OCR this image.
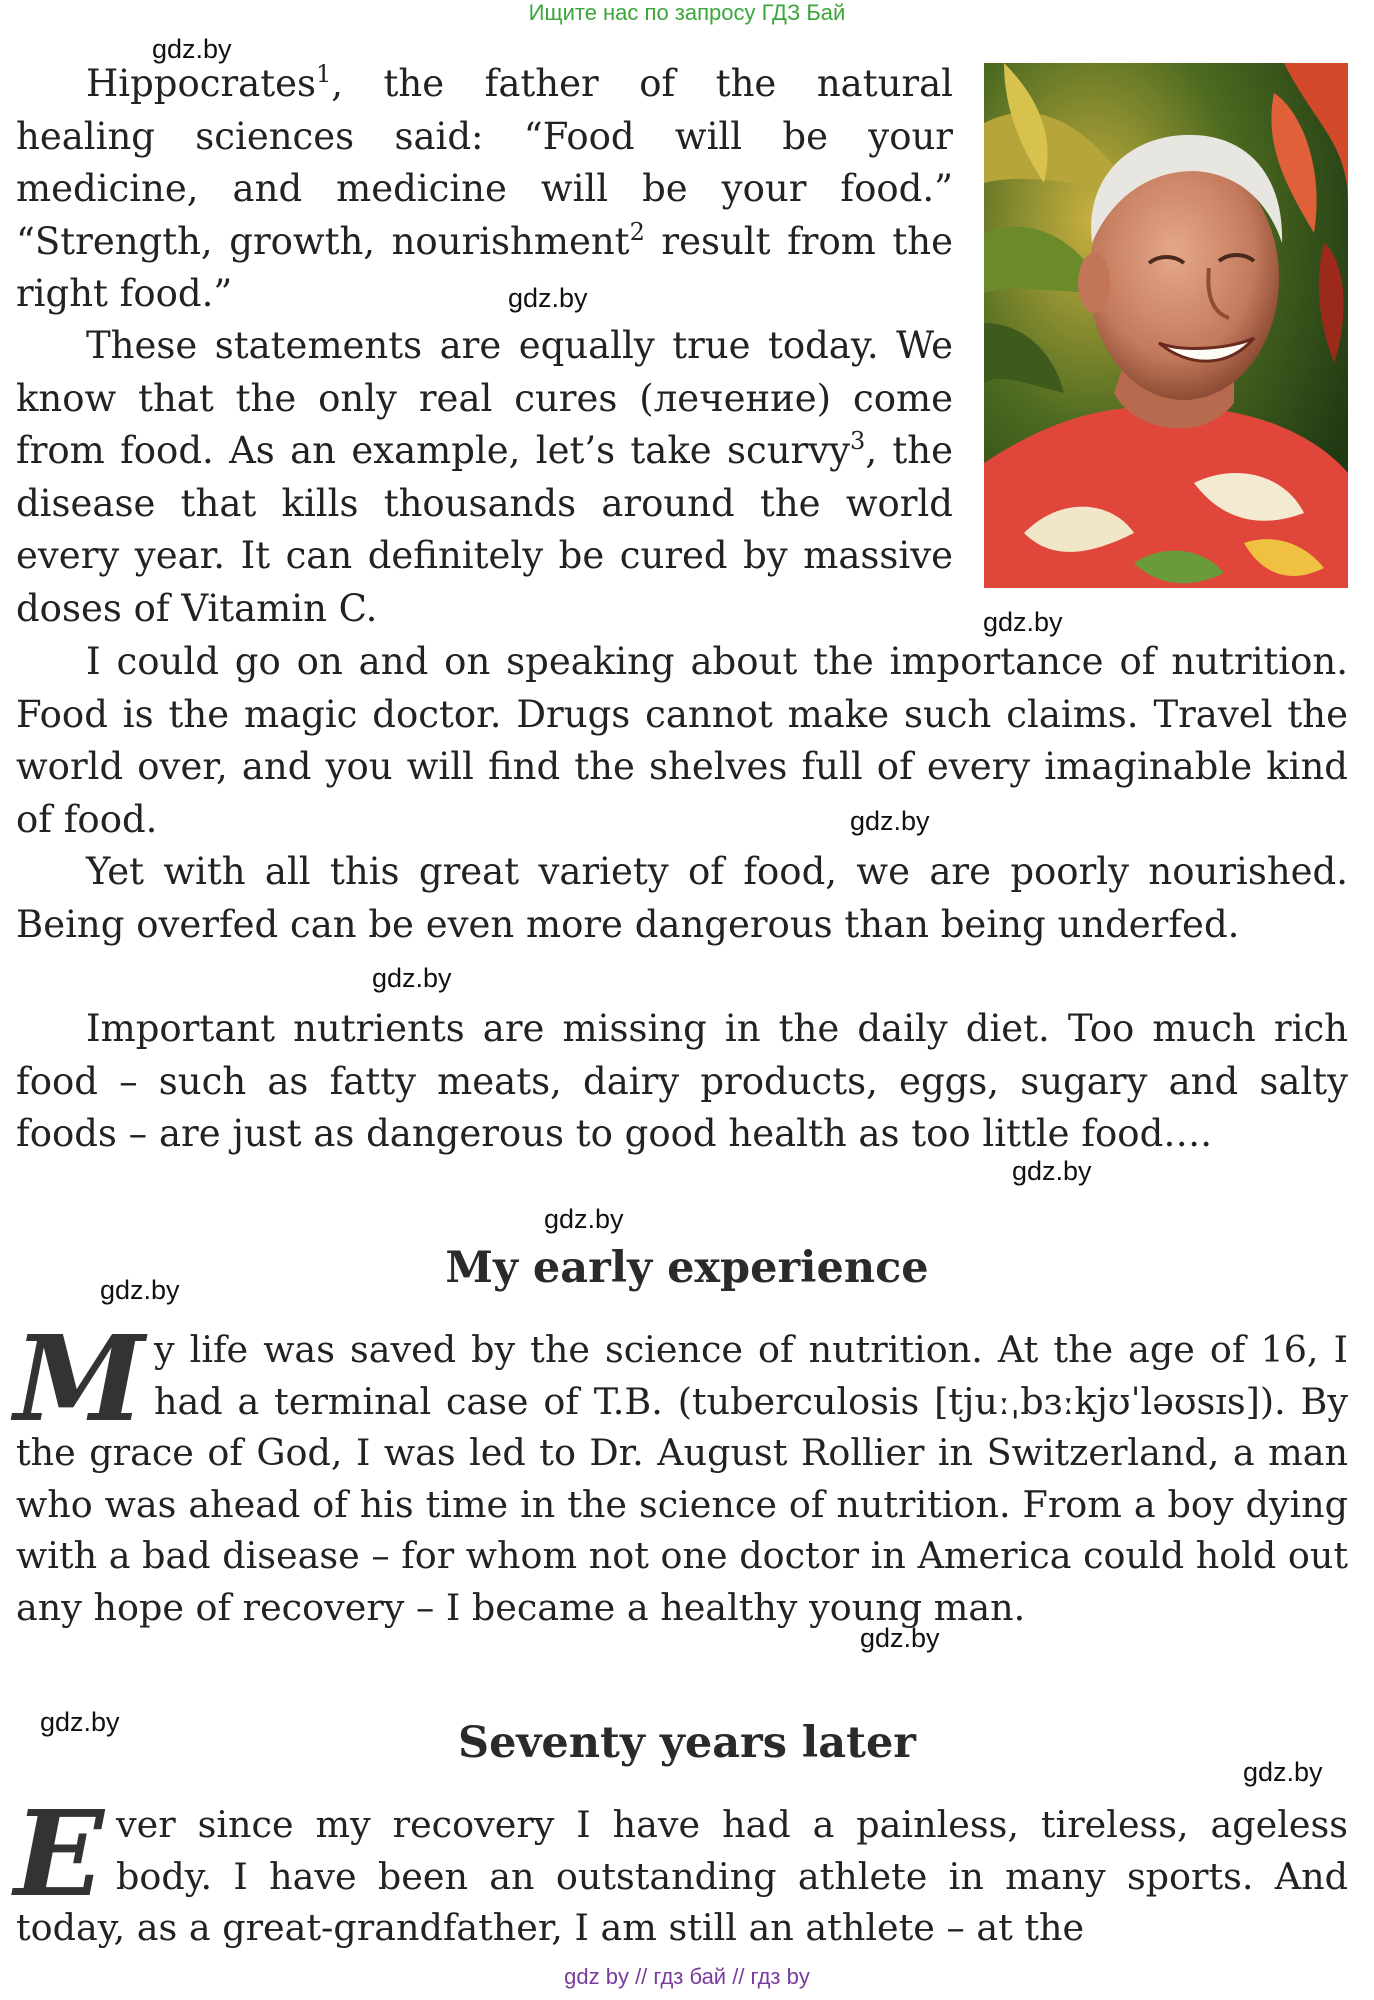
Ищите нас по запросу ГДЗ Бай

Hippocrates$^1$, the father of the natural healing sciences said: “Food will be your medicine, and medicine will be your food.” “Strength, growth, nourishment$^2$ result from the right food.”

These statements are equally true today. We know that the only real cures (лечение) come from food. As an example, let’s take scurvy$^3$, the disease that kills thousands around the world every year. It can definitely be cured by massive doses of Vitamin C.

I could go on and on speaking about the importance of nutrition. Food is the magic doctor. Drugs cannot make such claims. Travel the world over, and you will find the shelves full of every imaginable kind of food.

Yet with all this great variety of food, we are poorly nourished. Being overfed can be even more dangerous than being underfed.

Important nutrients are missing in the daily diet. Too much rich food – such as fatty meats, dairy products, eggs, sugary and salty foods – are just as dangerous to good health as too little food….

My early experience
M y life was saved by the science of nutrition. At the age of 16, I had a terminal case of T.B. (tuberculosis [tjuːˌbɜːkjʊˈləʊsɪs]). By the grace of God, I was led to Dr. August Rollier in Switzerland, a man who was ahead of his time in the science of nutrition. From a boy dying with a bad disease – for whom not one doctor in America could hold out any hope of recovery – I became a healthy young man.

Seventy years later
E ver since my recovery I have had a painless, tireless, ageless body. I have been an outstanding athlete in many sports. And today, as a great-grandfather, I am still an athlete – at the

gdz.by
gdz.by
gdz.by
gdz.by
gdz.by
gdz.by
gdz.by
gdz.by
gdz.by
gdz.by
gdz.by
gdz by // гдз бай // гдз by
